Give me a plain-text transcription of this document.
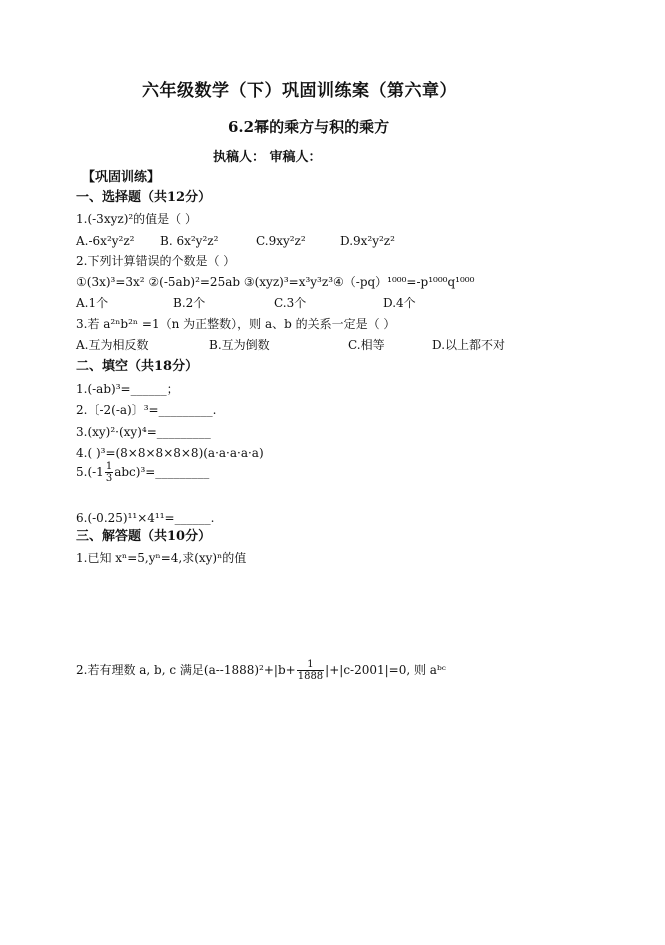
六年级数学（下）巩固训练案（第六章）
6.2幂的乘方与积的乘方
执稿人： 审稿人：
【巩固训练】
一、选择题（共12分）
1.(-3xyz)²的值是（ ）
A.-6x²y²z² B. 6x²y²z²	C.9xy²z²	D.9x²y²z²
2.下列计算错误的个数是（ ）
①(3x)³=3x² ②(-5ab)²=25ab ③(xyz)³=x³y³z³④（-pq）¹⁰⁰⁰=-p¹⁰⁰⁰q¹⁰⁰⁰
A.1个	B.2个	C.3个	D.4个
3.若 a²ⁿb²ⁿ =1（n 为正整数），则 a、b 的关系一定是（ ）
A.互为相反数	B.互为倒数	C.相等	D.以上都不对
二、填空（共18分）
1.(-ab)³=______；
2.〔-2(-a)〕³=_________.
3.(xy)²·(xy)⁴=_________
4.( )³=(8×8×8×8×8)(a·a·a·a·a)
$5.(-1 \frac{1}{3}$ abc)³=_________
6.(-0.25)¹¹×4¹¹=______.
三、解答题（共10分）
1.已知 xⁿ=5,yⁿ=4,求(xy)ⁿ的值
2.若有理数 a, b, c 满足$(a--1888)^2+|b+ \frac{1}{1888} |+|c-2001|=0$, 则 aᵇᶜ
